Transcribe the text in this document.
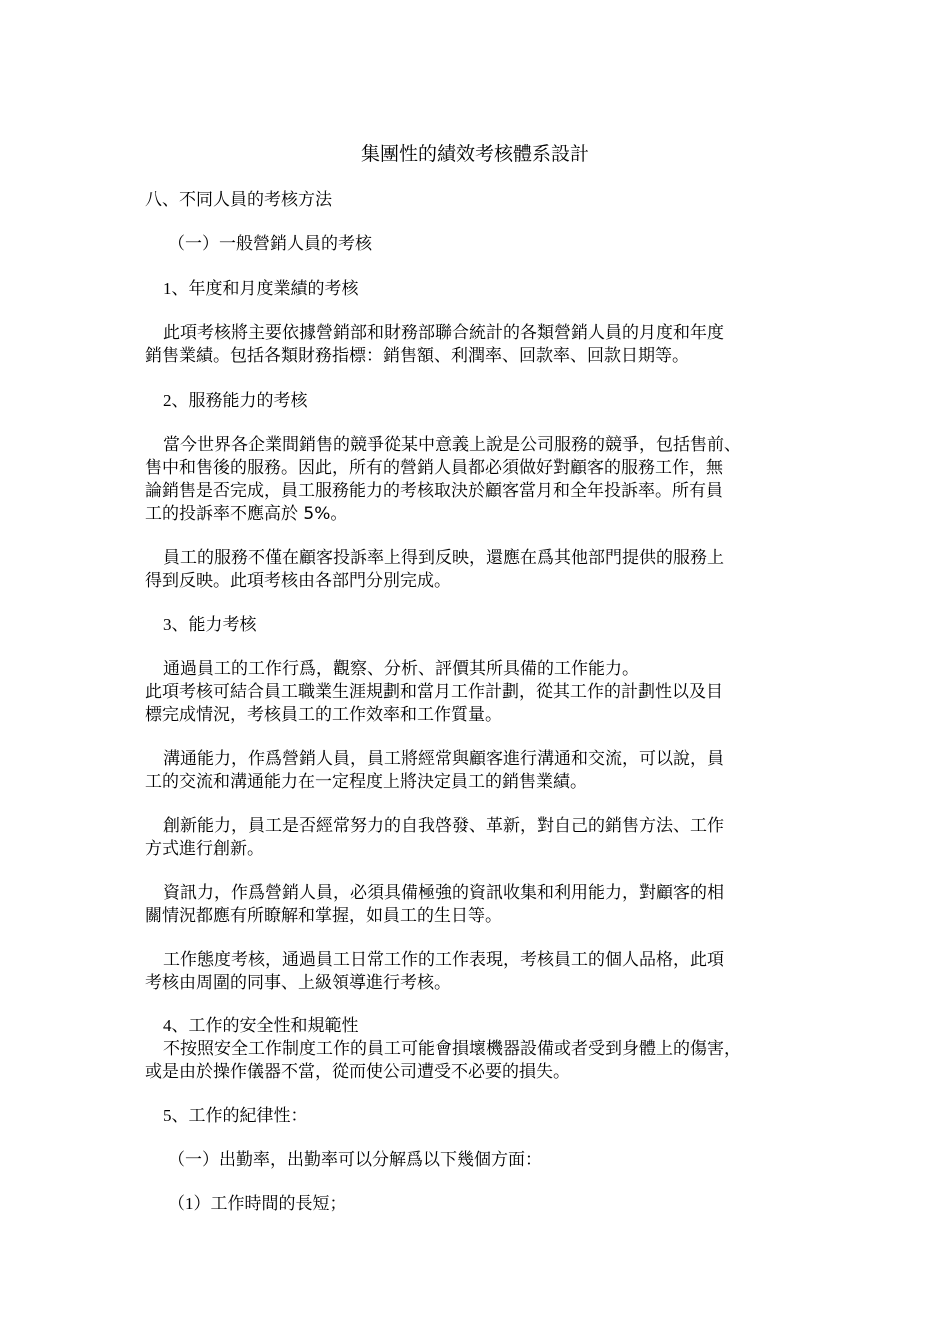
集團性的績效考核體系設計
八、不同人員的考核方法
（一）一般營銷人員的考核
1、年度和月度業績的考核
此項考核將主要依據營銷部和財務部聯合統計的各類營銷人員的月度和年度
銷售業績。包括各類財務指標：銷售額、利潤率、回款率、回款日期等。
2、服務能力的考核
當今世界各企業間銷售的競爭從某中意義上說是公司服務的競爭，包括售前、
售中和售後的服務。因此，所有的營銷人員都必須做好對顧客的服務工作，無
論銷售是否完成，員工服務能力的考核取決於顧客當月和全年投訴率。所有員
工的投訴率不應高於 5%。
員工的服務不僅在顧客投訴率上得到反映，還應在爲其他部門提供的服務上
得到反映。此項考核由各部門分別完成。
3、能力考核
通過員工的工作行爲，觀察、分析、評價其所具備的工作能力。
此項考核可結合員工職業生涯規劃和當月工作計劃，從其工作的計劃性以及目
標完成情況，考核員工的工作效率和工作質量。
溝通能力，作爲營銷人員，員工將經常與顧客進行溝通和交流，可以說，員
工的交流和溝通能力在一定程度上將決定員工的銷售業績。
創新能力，員工是否經常努力的自我啓發、革新，對自己的銷售方法、工作
方式進行創新。
資訊力，作爲營銷人員，必須具備極強的資訊收集和利用能力，對顧客的相
關情況都應有所瞭解和掌握，如員工的生日等。
工作態度考核，通過員工日常工作的工作表現，考核員工的個人品格，此項
考核由周圍的同事、上級領導進行考核。
4、工作的安全性和規範性
不按照安全工作制度工作的員工可能會損壞機器設備或者受到身體上的傷害，
或是由於操作儀器不當，從而使公司遭受不必要的損失。
5、工作的紀律性：
（一）出勤率，出勤率可以分解爲以下幾個方面：
（1）工作時間的長短；
